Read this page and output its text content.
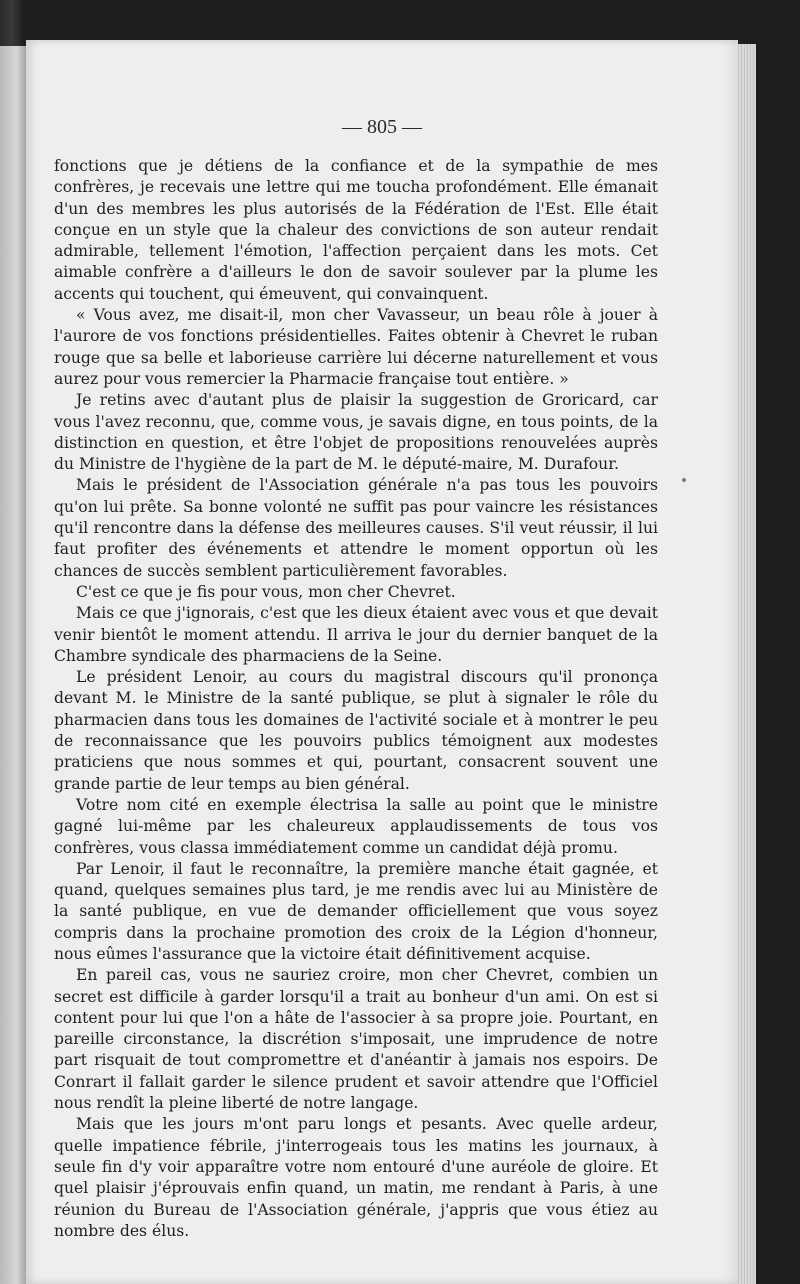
— 805 —

fonctions que je détiens de la confiance et de la sympathie de mes confrères, je recevais une lettre qui me toucha profondément. Elle émanait d'un des membres les plus autorisés de la Fédération de l'Est. Elle était conçue en un style que la chaleur des convictions de son auteur rendait admirable, tellement l'émotion, l'affection perçaient dans les mots. Cet aimable confrère a d'ailleurs le don de savoir soulever par la plume les accents qui touchent, qui émeuvent, qui convainquent.

« Vous avez, me disait-il, mon cher Vavasseur, un beau rôle à jouer à l'aurore de vos fonctions présidentielles. Faites obtenir à Chevret le ruban rouge que sa belle et laborieuse carrière lui décerne naturellement et vous aurez pour vous remercier la Pharmacie française tout entière. »

Je retins avec d'autant plus de plaisir la suggestion de Groricard, car vous l'avez reconnu, que, comme vous, je savais digne, en tous points, de la distinction en question, et être l'objet de propositions renouvelées auprès du Ministre de l'hygiène de la part de M. le député-maire, M. Durafour.

Mais le président de l'Association générale n'a pas tous les pouvoirs qu'on lui prête. Sa bonne volonté ne suffit pas pour vaincre les résistances qu'il rencontre dans la défense des meilleures causes. S'il veut réussir, il lui faut profiter des événements et attendre le moment opportun où les chances de succès semblent particulièrement favorables.

C'est ce que je fis pour vous, mon cher Chevret.

Mais ce que j'ignorais, c'est que les dieux étaient avec vous et que devait venir bientôt le moment attendu. Il arriva le jour du dernier banquet de la Chambre syndicale des pharmaciens de la Seine.

Le président Lenoir, au cours du magistral discours qu'il prononça devant M. le Ministre de la santé publique, se plut à signaler le rôle du pharmacien dans tous les domaines de l'activité sociale et à montrer le peu de reconnaissance que les pouvoirs publics témoignent aux modestes praticiens que nous sommes et qui, pourtant, consacrent souvent une grande partie de leur temps au bien général.

Votre nom cité en exemple électrisa la salle au point que le ministre gagné lui-même par les chaleureux applaudissements de tous vos confrères, vous classa immédiatement comme un candidat déjà promu.

Par Lenoir, il faut le reconnaître, la première manche était gagnée, et quand, quelques semaines plus tard, je me rendis avec lui au Ministère de la santé publique, en vue de demander officiellement que vous soyez compris dans la prochaine promotion des croix de la Légion d'honneur, nous eûmes l'assurance que la victoire était définitivement acquise.

En pareil cas, vous ne sauriez croire, mon cher Chevret, combien un secret est difficile à garder lorsqu'il a trait au bonheur d'un ami. On est si content pour lui que l'on a hâte de l'associer à sa propre joie. Pourtant, en pareille circonstance, la discrétion s'imposait, une imprudence de notre part risquait de tout compromettre et d'anéantir à jamais nos espoirs. De Conrart il fallait garder le silence prudent et savoir attendre que l'Officiel nous rendît la pleine liberté de notre langage.

Mais que les jours m'ont paru longs et pesants. Avec quelle ardeur, quelle impatience fébrile, j'interrogeais tous les matins les journaux, à seule fin d'y voir apparaître votre nom entouré d'une auréole de gloire. Et quel plaisir j'éprouvais enfin quand, un matin, me rendant à Paris, à une réunion du Bureau de l'Association générale, j'appris que vous étiez au nombre des élus.
